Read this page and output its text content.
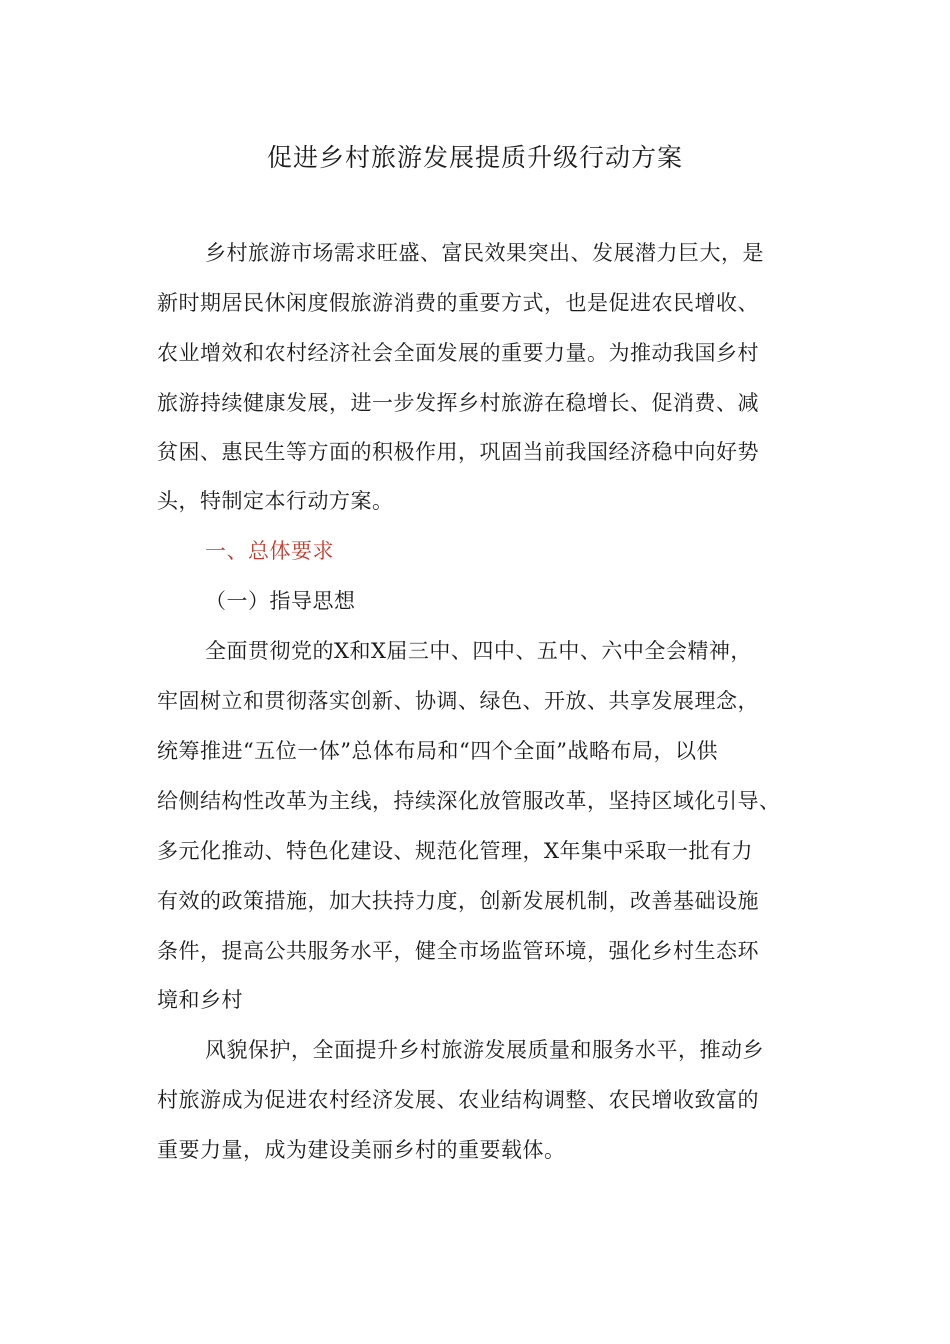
促进乡村旅游发展提质升级行动方案
乡村旅游市场需求旺盛、富民效果突出、发展潜力巨大，是
新时期居民休闲度假旅游消费的重要方式，也是促进农民增收、
农业增效和农村经济社会全面发展的重要力量。为推动我国乡村
旅游持续健康发展，进一步发挥乡村旅游在稳增长、促消费、减
贫困、惠民生等方面的积极作用，巩固当前我国经济稳中向好势
头，特制定本行动方案。
一、总体要求
（一）指导思想
全面贯彻党的X和X届三中、四中、五中、六中全会精神，
牢固树立和贯彻落实创新、协调、绿色、开放、共享发展理念，
统筹推进“五位一体”总体布局和“四个全面”战略布局，以供
给侧结构性改革为主线，持续深化放管服改革，坚持区域化引导、
多元化推动、特色化建设、规范化管理，X年集中采取一批有力
有效的政策措施，加大扶持力度，创新发展机制，改善基础设施
条件，提高公共服务水平，健全市场监管环境，强化乡村生态环
境和乡村
风貌保护，全面提升乡村旅游发展质量和服务水平，推动乡
村旅游成为促进农村经济发展、农业结构调整、农民增收致富的
重要力量，成为建设美丽乡村的重要载体。
